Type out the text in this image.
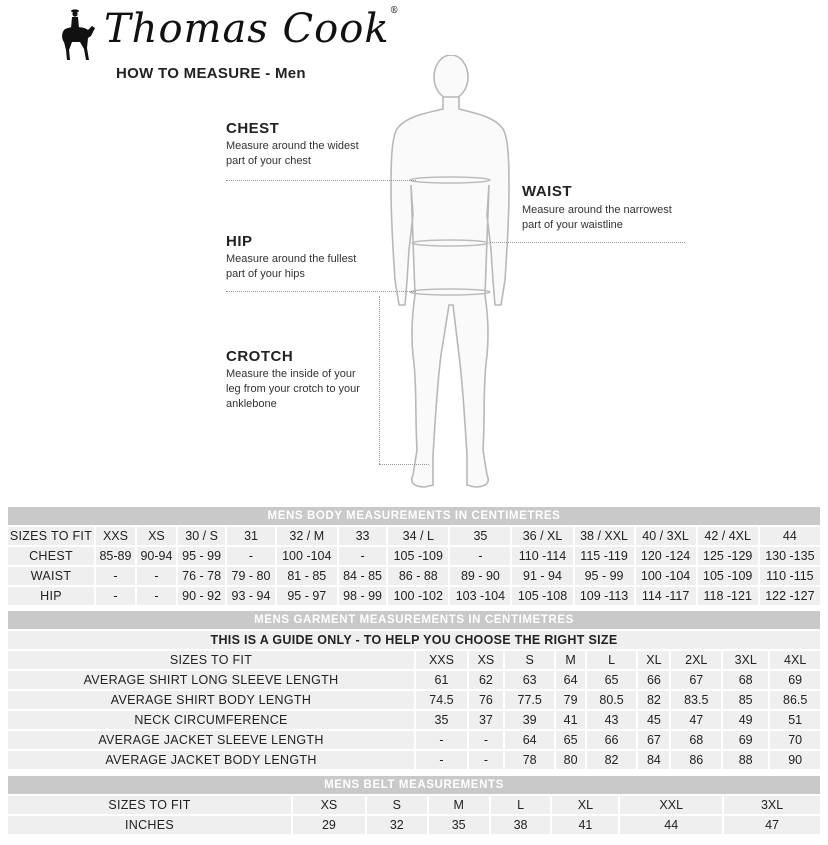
Thomas Cook®
HOW TO MEASURE - Men
CHEST
Measure around the widest part of your chest
WAIST
Measure around the narrowest part of your waistline
HIP
Measure around the fullest part of your hips
CROTCH
Measure the inside of your leg from your crotch to your anklebone
MENS BODY MEASUREMENTS IN CENTIMETRES													
SIZES TO FIT	XXS	XS	30 / S	31	32 / M	33	34 / L	35	36 / XL	38 / XXL	40 / 3XL	42 / 4XL	44
CHEST	85-89	90-94	95 - 99	-	100 -104	-	105 -109	-	110 -114	115 -119	120 -124	125 -129	130 -135
WAIST	-	-	76 - 78	79 - 80	81 - 85	84 - 85	86 - 88	89 - 90	91 - 94	95 - 99	100 -104	105 -109	110 -115
HIP	-	-	90 - 92	93 - 94	95 - 97	98 - 99	100 -102	103 -104	105 -108	109 -113	114 -117	118 -121	122 -127
MENS GARMENT MEASUREMENTS IN CENTIMETRES									
THIS IS A GUIDE ONLY - TO HELP YOU CHOOSE THE RIGHT SIZE									
SIZES TO FIT	XXS	XS	S	M	L	XL	2XL	3XL	4XL
AVERAGE SHIRT LONG SLEEVE LENGTH	61	62	63	64	65	66	67	68	69
AVERAGE SHIRT BODY LENGTH	74.5	76	77.5	79	80.5	82	83.5	85	86.5
NECK CIRCUMFERENCE	35	37	39	41	43	45	47	49	51
AVERAGE JACKET SLEEVE LENGTH	-	-	64	65	66	67	68	69	70
AVERAGE JACKET BODY LENGTH	-	-	78	80	82	84	86	88	90
MENS BELT MEASUREMENTS							
SIZES TO FIT	XS	S	M	L	XL	XXL	3XL
INCHES	29	32	35	38	41	44	47
